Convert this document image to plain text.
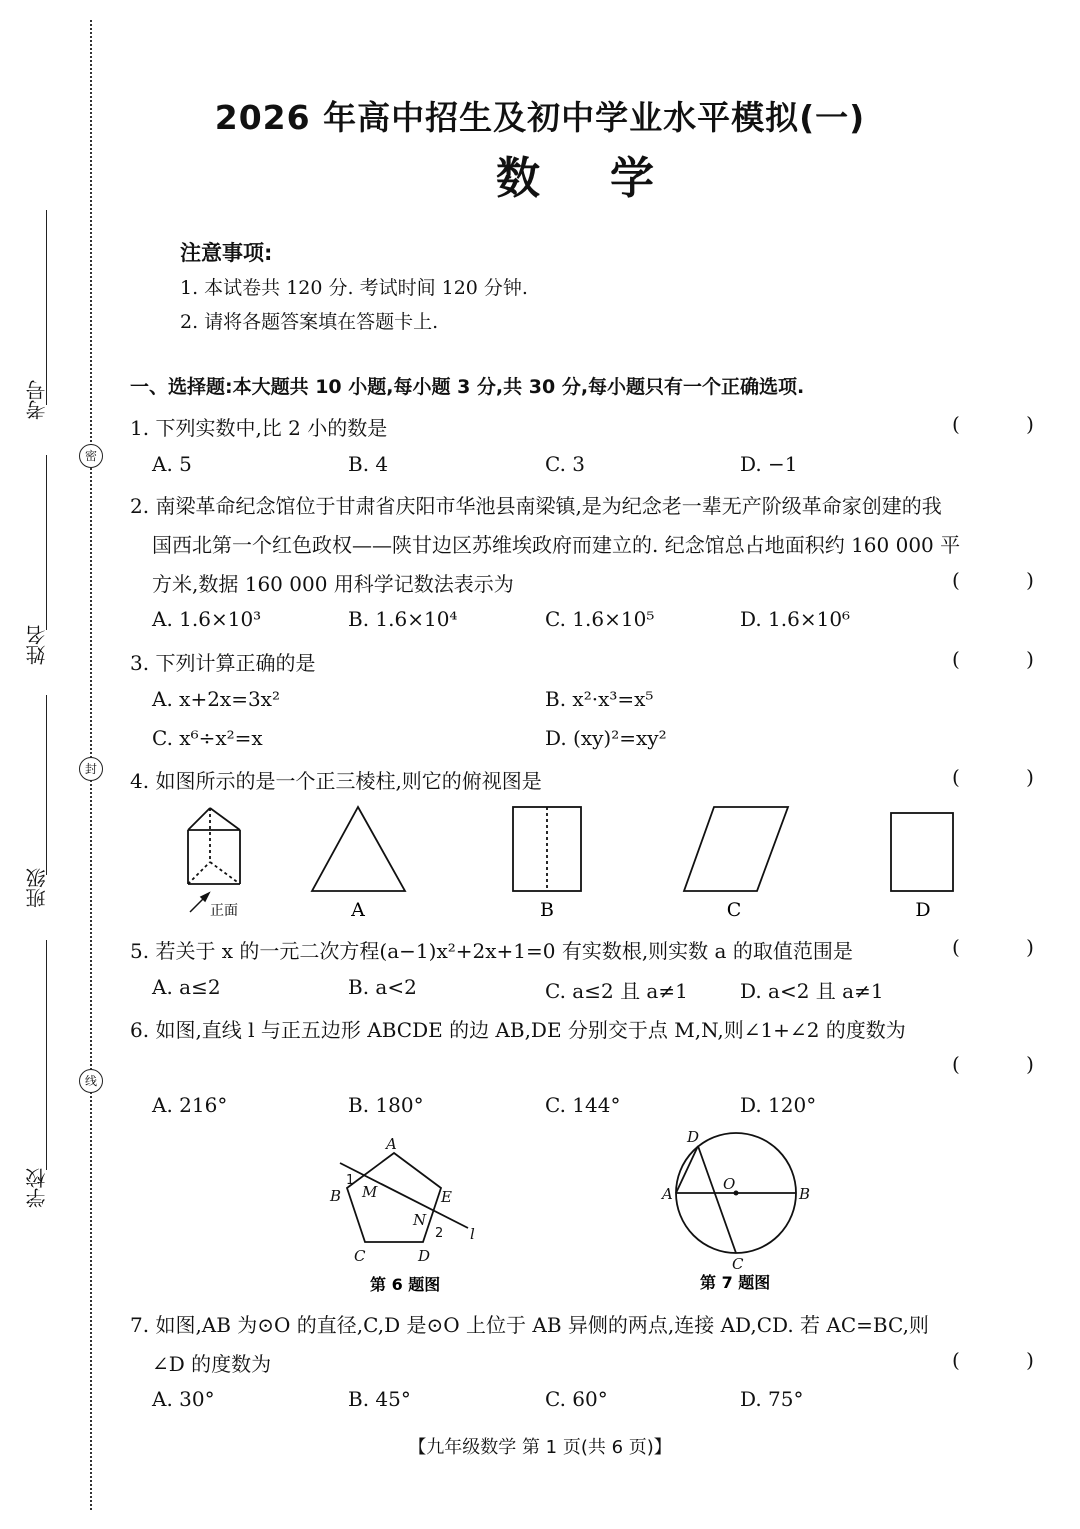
考号
姓名
班级
学校
密
封
线
2026 年高中招生及初中学业水平模拟(一)
数学
注意事项:
1. 本试卷共 120 分. 考试时间 120 分钟.
2. 请将各题答案填在答题卡上.
一、选择题:本大题共 10 小题,每小题 3 分,共 30 分,每小题只有一个正确选项.
1. 下列实数中,比 2 小的数是	( )
A. 5	B. 4	C. 3	D. −1
2. 南梁革命纪念馆位于甘肃省庆阳市华池县南梁镇,是为纪念老一辈无产阶级革命家创建的我
国西北第一个红色政权——陕甘边区苏维埃政府而建立的. 纪念馆总占地面积约 160 000 平
方米,数据 160 000 用科学记数法表示为	( )
A. 1.6×10³	B. 1.6×10⁴	C. 1.6×10⁵	D. 1.6×10⁶
3. 下列计算正确的是	( )
A. x+2x=3x²	B. x²·x³=x⁵
C. x⁶÷x²=x	D. (xy)²=xy²
4. 如图所示的是一个正三棱柱,则它的俯视图是	( )
正面	A	B	C	D
5. 若关于 x 的一元二次方程(a−1)x²+2x+1=0 有实数根,则实数 a 的取值范围是	( )
A. a≤2	B. a<2	C. a≤2 且 a≠1	D. a<2 且 a≠1
6. 如图,直线 l 与正五边形 ABCDE 的边 AB,DE 分别交于点 M,N,则∠1+∠2 的度数为
( )
A. 216°	B. 180°	C. 144°	D. 120°
A
B
C	D
E
M
N
l
1
2
第 6 题图
D
A
O
B
C
第 7 题图
7. 如图,AB 为⊙O 的直径,C,D 是⊙O 上位于 AB 异侧的两点,连接 AD,CD. 若 AC=BC,则
∠D 的度数为	( )
A. 30°	B. 45°	C. 60°	D. 75°
【九年级数学 第 1 页(共 6 页)】
